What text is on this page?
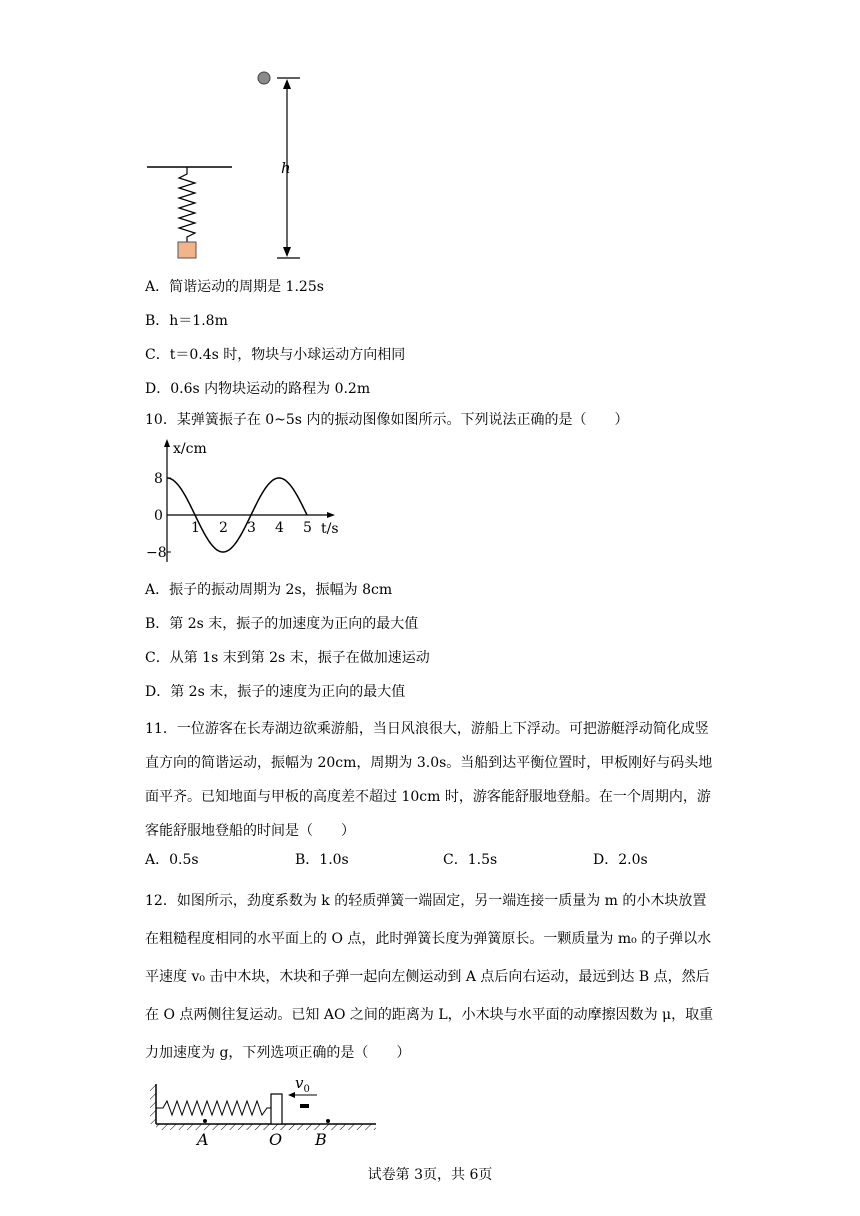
h
A．简谐运动的周期是 1.25s
B．h＝1.8m
C．t＝0.4s 时，物块与小球运动方向相同
D．0.6s 内物块运动的路程为 0.2m
10．某弹簧振子在 0~5s 内的振动图像如图所示。下列说法正确的是（　　）
x/cm
t/s
1 2 3 4 5
8
0
−8
A．振子的振动周期为 2s，振幅为 8cm
B．第 2s 末，振子的加速度为正向的最大值
C．从第 1s 末到第 2s 末，振子在做加速运动
D．第 2s 末，振子的速度为正向的最大值
11．一位游客在长寿湖边欲乘游船，当日风浪很大，游船上下浮动。可把游艇浮动简化成竖直方向的简谐运动，振幅为 20cm，周期为 3.0s。当船到达平衡位置时，甲板刚好与码头地面平齐。已知地面与甲板的高度差不超过 10cm 时，游客能舒服地登船。在一个周期内，游客能舒服地登船的时间是（　　）
A．0.5s	B．1.0s	C．1.5s	D．2.0s
12．如图所示，劲度系数为 k 的轻质弹簧一端固定，另一端连接一质量为 m 的小木块放置在粗糙程度相同的水平面上的 O 点，此时弹簧长度为弹簧原长。一颗质量为 m₀ 的子弹以水平速度 v₀ 击中木块，木块和子弹一起向左侧运动到 A 点后向右运动，最远到达 B 点，然后在 O 点两侧往复运动。已知 AO 之间的距离为 L，小木块与水平面的动摩擦因数为 μ，取重力加速度为 g，下列选项正确的是（　　）
$v_0$
A	O B
试卷第 3页，共 6页
